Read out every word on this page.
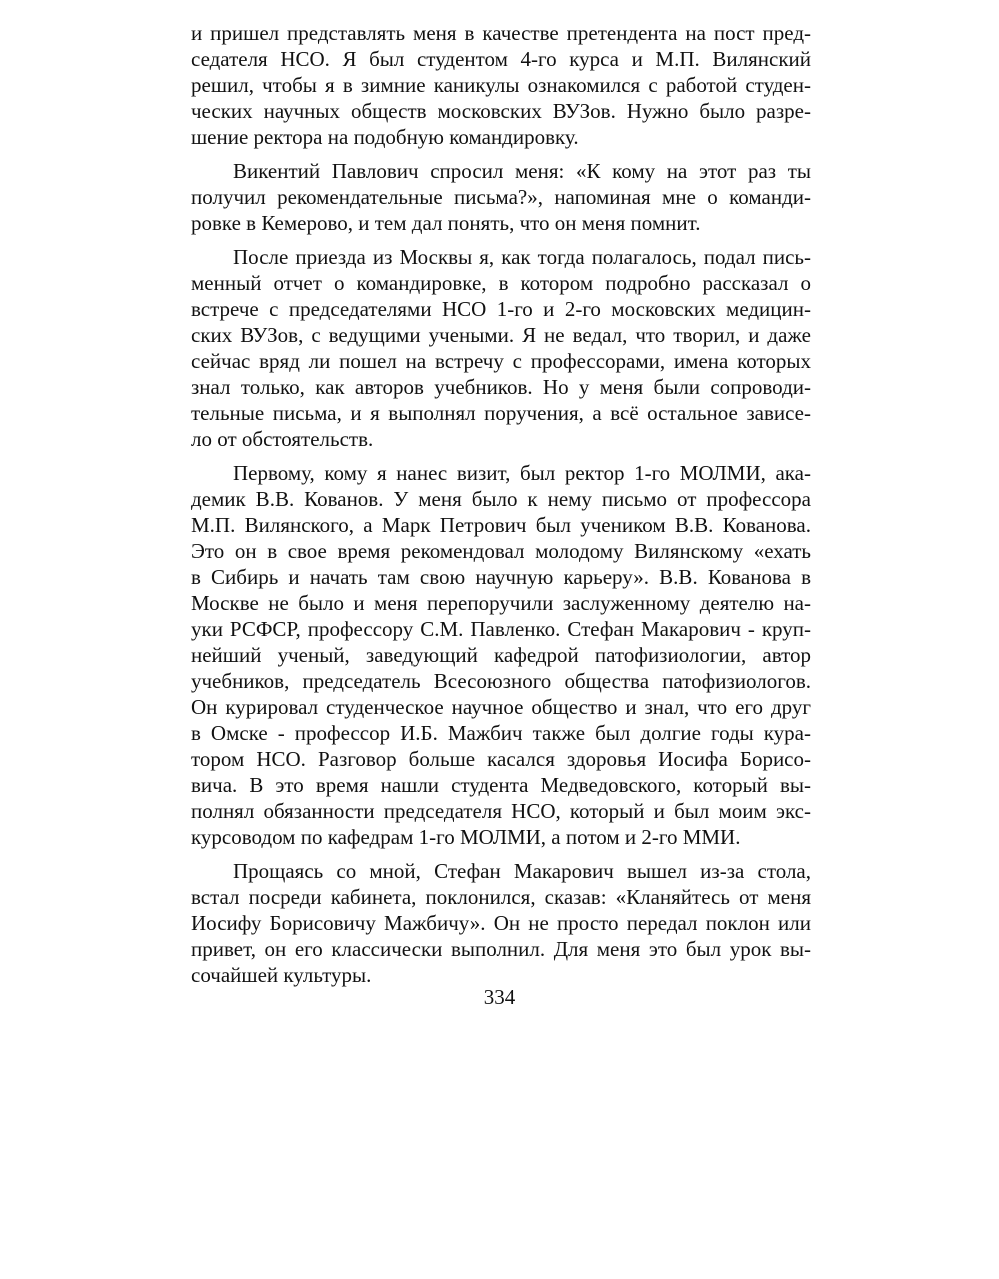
и пришел представлять меня в качестве претендента на пост пред-
седателя НСО. Я был студентом 4-го курса и М.П. Вилянский
решил, чтобы я в зимние каникулы ознакомился с работой студен-
ческих научных обществ московских ВУЗов. Нужно было разре-
шение ректора на подобную командировку.
Викентий Павлович спросил меня: «К кому на этот раз ты
получил рекомендательные письма?», напоминая мне о команди-
ровке в Кемерово, и тем дал понять, что он меня помнит.
После приезда из Москвы я, как тогда полагалось, подал пись-
менный отчет о командировке, в котором подробно рассказал о
встрече с председателями НСО 1-го и 2-го московских медицин-
ских ВУЗов, с ведущими учеными. Я не ведал, что творил, и даже
сейчас вряд ли пошел на встречу с профессорами, имена которых
знал только, как авторов учебников. Но у меня были сопроводи-
тельные письма, и я выполнял поручения, а всё остальное зависе-
ло от обстоятельств.
Первому, кому я нанес визит, был ректор 1-го МОЛМИ, ака-
демик В.В. Кованов. У меня было к нему письмо от профессора
М.П. Вилянского, а Марк Петрович был учеником В.В. Кованова.
Это он в свое время рекомендовал молодому Вилянскому «ехать
в Сибирь и начать там свою научную карьеру». В.В. Кованова в
Москве не было и меня перепоручили заслуженному деятелю на-
уки РСФСР, профессору С.М. Павленко. Стефан Макарович - круп-
нейший ученый, заведующий кафедрой патофизиологии, автор
учебников, председатель Всесоюзного общества патофизиологов.
Он курировал студенческое научное общество и знал, что его друг
в Омске - профессор И.Б. Мажбич также был долгие годы кура-
тором НСО. Разговор больше касался здоровья Иосифа Борисо-
вича. В это время нашли студента Медведовского, который вы-
полнял обязанности председателя НСО, который и был моим экс-
курсоводом по кафедрам 1-го МОЛМИ, а потом и 2-го ММИ.
Прощаясь со мной, Стефан Макарович вышел из-за стола,
встал посреди кабинета, поклонился, сказав: «Кланяйтесь от меня
Иосифу Борисовичу Мажбичу». Он не просто передал поклон или
привет, он его классически выполнил. Для меня это был урок вы-
сочайшей культуры.
334
